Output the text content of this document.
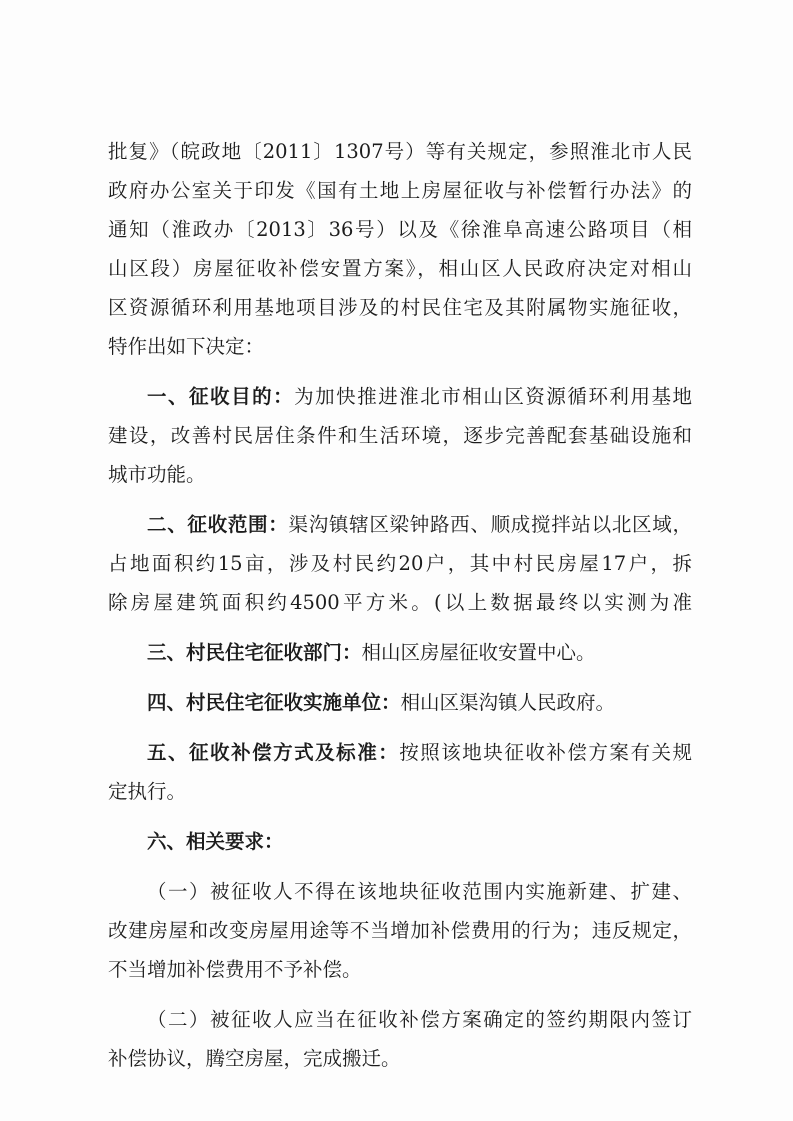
批复》（皖政地〔2011〕1307号）等有关规定，参照淮北市人民
政府办公室关于印发《国有土地上房屋征收与补偿暂行办法》的
通知（淮政办〔2013〕36号）以及《徐淮阜高速公路项目（相
山区段）房屋征收补偿安置方案》，相山区人民政府决定对相山
区资源循环利用基地项目涉及的村民住宅及其附属物实施征收，
特作出如下决定：
一、征收目的：为加快推进淮北市相山区资源循环利用基地
建设，改善村民居住条件和生活环境，逐步完善配套基础设施和
城市功能。
二、征收范围：渠沟镇辖区梁钟路西、顺成搅拌站以北区域，
占地面积约15亩，涉及村民约20户，其中村民房屋17户，拆
除房屋建筑面积约4500平方米。(以上数据最终以实测为准
三、村民住宅征收部门：相山区房屋征收安置中心。
四、村民住宅征收实施单位：相山区渠沟镇人民政府。
五、征收补偿方式及标准：按照该地块征收补偿方案有关规
定执行。
六、相关要求：
（一）被征收人不得在该地块征收范围内实施新建、扩建、
改建房屋和改变房屋用途等不当增加补偿费用的行为；违反规定，
不当增加补偿费用不予补偿。
（二）被征收人应当在征收补偿方案确定的签约期限内签订
补偿协议，腾空房屋，完成搬迁。
